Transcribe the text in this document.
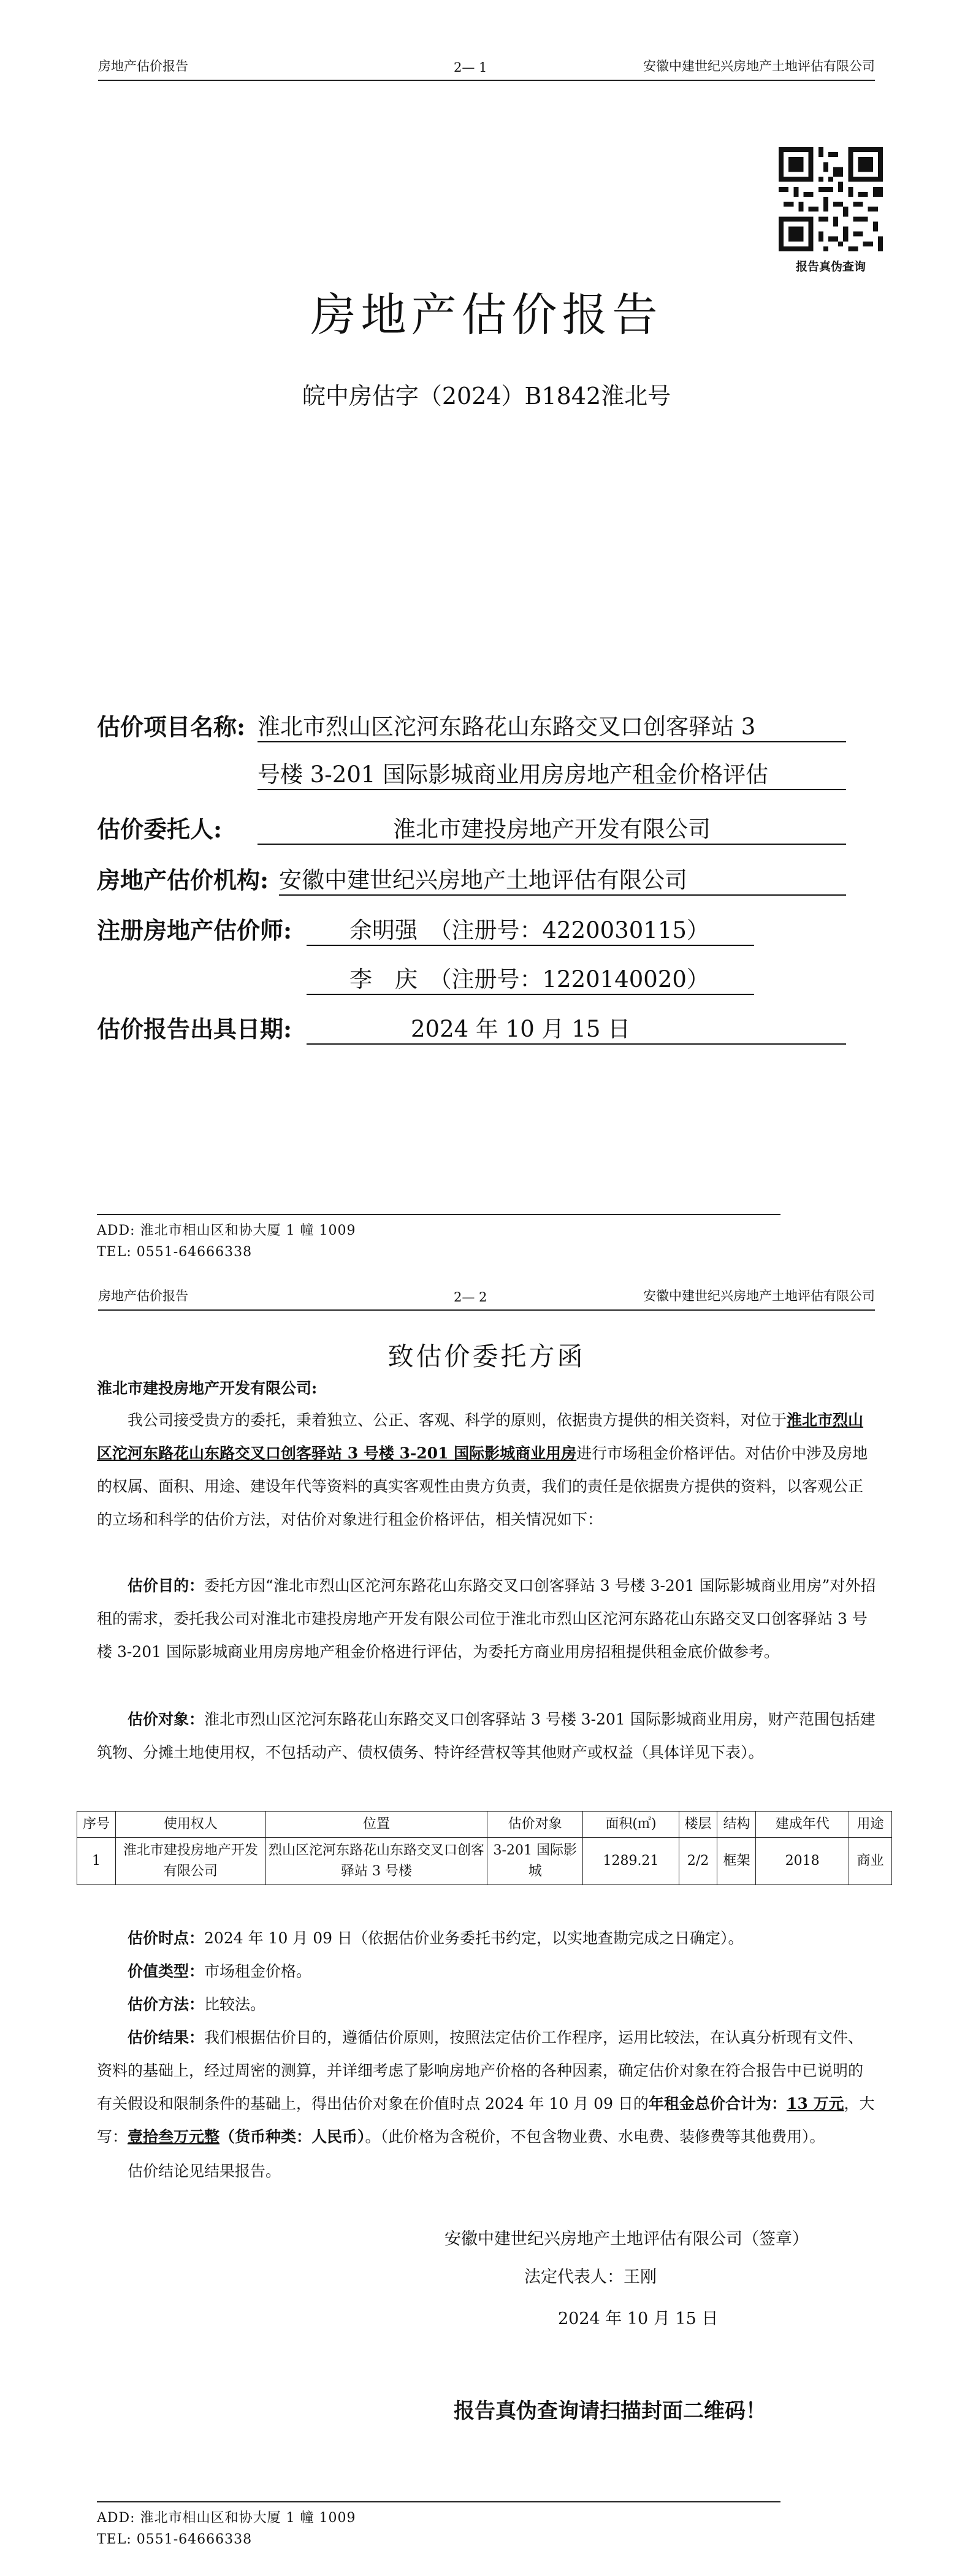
房地产估价报告	2— 1	安徽中建世纪兴房地产土地评估有限公司
报告真伪查询
房地产估价报告
皖中房估字（2024）B1842淮北号
估价项目名称: 淮北市烈山区沱河东路花山东路交叉口创客驿站 3
号楼 3-201 国际影城商业用房房地产租金价格评估
估价委托人:	淮北市建投房地产开发有限公司
房地产估价机构: 安徽中建世纪兴房地产土地评估有限公司
注册房地产估价师:	余明强　（注册号：4220030115）
李　庆　（注册号：1220140020）
估价报告出具日期:	2024 年 10 月 15 日
ADD: 淮北市相山区和协大厦 1 幢 1009
TEL: 0551-64666338
房地产估价报告	2— 2	安徽中建世纪兴房地产土地评估有限公司
致估价委托方函
淮北市建投房地产开发有限公司:
我公司接受贵方的委托，秉着独立、公正、客观、科学的原则，依据贵方提供的相关资料，对位于淮北市烈山区沱河东路花山东路交叉口创客驿站 3 号楼 3-201 国际影城商业用房进行市场租金价格评估。对估价中涉及房地的权属、面积、用途、建设年代等资料的真实客观性由贵方负责，我们的责任是依据贵方提供的资料，以客观公正的立场和科学的估价方法，对估价对象进行租金价格评估，相关情况如下：
估价目的：委托方因“淮北市烈山区沱河东路花山东路交叉口创客驿站 3 号楼 3-201 国际影城商业用房”对外招租的需求，委托我公司对淮北市建投房地产开发有限公司位于淮北市烈山区沱河东路花山东路交叉口创客驿站 3 号楼 3-201 国际影城商业用房房地产租金价格进行评估，为委托方商业用房招租提供租金底价做参考。
估价对象：淮北市烈山区沱河东路花山东路交叉口创客驿站 3 号楼 3-201 国际影城商业用房，财产范围包括建筑物、分摊土地使用权，不包括动产、债权债务、特许经营权等其他财产或权益（具体详见下表）。
序号	使用权人	位置	估价对象	面积(㎡)	楼层	结构	建成年代	用途
1	淮北市建投房地产开发有限公司	烈山区沱河东路花山东路交叉口创客驿站 3 号楼	3-201 国际影城	1289.21	2/2	框架	2018	商业
估价时点：2024 年 10 月 09 日（依据估价业务委托书约定，以实地查勘完成之日确定）。
价值类型：市场租金价格。
估价方法：比较法。
估价结果：我们根据估价目的，遵循估价原则，按照法定估价工作程序，运用比较法，在认真分析现有文件、资料的基础上，经过周密的测算，并详细考虑了影响房地产价格的各种因素，确定估价对象在符合报告中已说明的有关假设和限制条件的基础上，得出估价对象在价值时点 2024 年 10 月 09 日的年租金总价合计为：13 万元，大写：壹拾叁万元整（货币种类：人民币）。（此价格为含税价，不包含物业费、水电费、装修费等其他费用）。
估价结论见结果报告。
安徽中建世纪兴房地产土地评估有限公司（签章）
法定代表人：王刚
2024 年 10 月 15 日
报告真伪查询请扫描封面二维码！
ADD: 淮北市相山区和协大厦 1 幢 1009
TEL: 0551-64666338
